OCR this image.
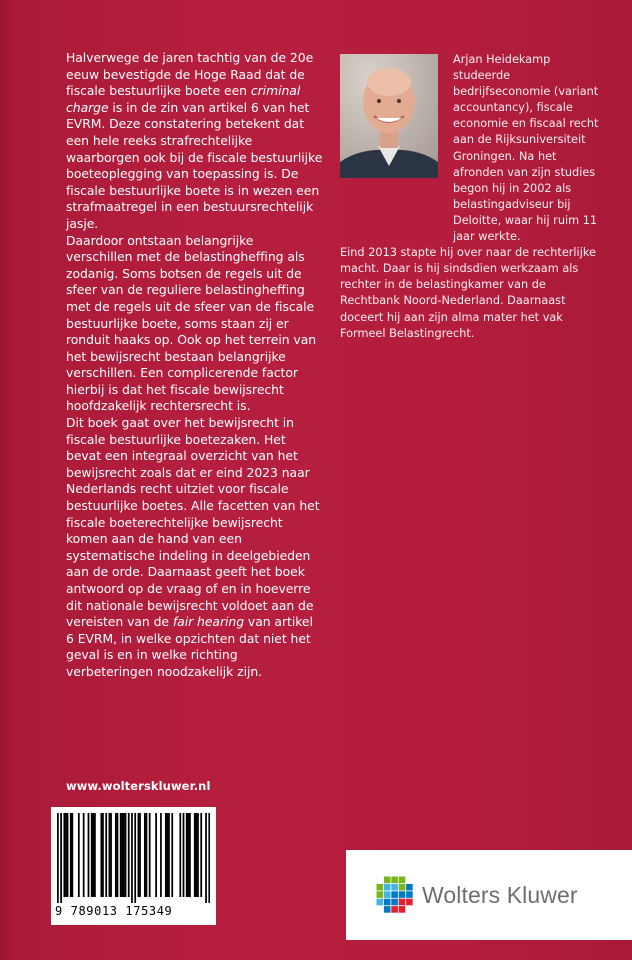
Halverwege de jaren tachtig van de 20e eeuw bevestigde de Hoge Raad dat de fiscale bestuurlijke boete een criminal charge is in de zin van artikel 6 van het EVRM. Deze constatering betekent dat een hele reeks strafrechtelijke waarborgen ook bij de fiscale bestuurlijke boeteoplegging van toepassing is. De fiscale bestuurlijke boete is in wezen een strafmaatregel in een bestuursrechtelijk jasje.

Daardoor ontstaan belangrijke verschillen met de belastingheffing als zodanig. Soms botsen de regels uit de sfeer van de reguliere belastingheffing met de regels uit de sfeer van de fiscale bestuurlijke boete, soms staan zij er ronduit haaks op. Ook op het terrein van het bewijsrecht bestaan belangrijke verschillen. Een complicerende factor hierbij is dat het fiscale bewijsrecht hoofdzakelijk rechtersrecht is.

Dit boek gaat over het bewijsrecht in fiscale bestuurlijke boetezaken. Het bevat een integraal overzicht van het bewijsrecht zoals dat er eind 2023 naar Nederlands recht uitziet voor fiscale bestuurlijke boetes. Alle facetten van het fiscale boeterechtelijke bewijsrecht komen aan de hand van een systematische indeling in deelgebieden aan de orde. Daarnaast geeft het boek antwoord op de vraag of en in hoeverre dit nationale bewijsrecht voldoet aan de vereisten van de fair hearing van artikel 6 EVRM, in welke opzichten dat niet het geval is en in welke richting verbeteringen noodzakelijk zijn.

Arjan Heidekamp studeerde bedrijfseconomie (variant accountancy), fiscale economie en fiscaal recht aan de Rijksuniversiteit Groningen. Na het afronden van zijn studies begon hij in 2002 als belastingadviseur bij Deloitte, waar hij ruim 11 jaar werkte.

Eind 2013 stapte hij over naar de rechterlijke macht. Daar is hij sindsdien werkzaam als rechter in de belastingkamer van de Rechtbank Noord-Nederland. Daarnaast doceert hij aan zijn alma mater het vak Formeel Belastingrecht.

www.wolterskluwer.nl
9 789013 175349
Wolters Kluwer
